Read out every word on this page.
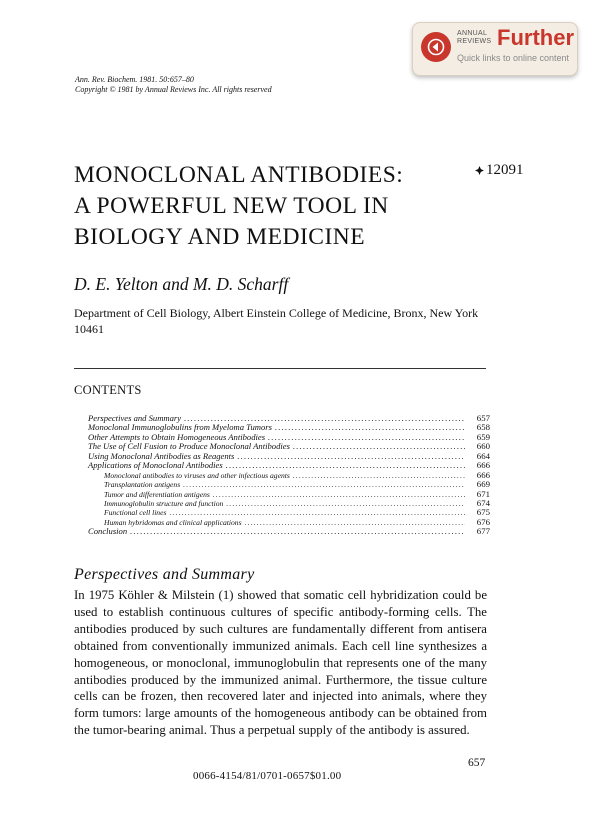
ANNUAL
REVIEWS Further
Quick links to online content
Ann. Rev. Biochem. 1981. 50:657–80
Copyright © 1981 by Annual Reviews Inc. All rights reserved
MONOCLONAL ANTIBODIES:
A POWERFUL NEW TOOL IN
BIOLOGY AND MEDICINE
12091
D. E. Yelton and M. D. Scharff
Department of Cell Biology, Albert Einstein College of Medicine, Bronx, New York 10461
CONTENTS
Perspectives and Summary .....	657
Monoclonal Immunoglobulins from Myeloma Tumors .....	658
Other Attempts to Obtain Homogeneous Antibodies .....	659
The Use of Cell Fusion to Produce Monoclonal Antibodies .....	660
Using Monoclonal Antibodies as Reagents .....	664
Applications of Monoclonal Antibodies .....	666
Monoclonal antibodies to viruses and other infectious agents .....	666
Transplantation antigens .....	669
Tumor and differentiation antigens .....	671
Immunoglobulin structure and function .....	674
Functional cell lines .....	675
Human hybridomas and clinical applications .....	676
Conclusion .....	677
Perspectives and Summary

In 1975 Köhler & Milstein (1) showed that somatic cell hybridization could be used to establish continuous cultures of specific antibody-forming cells. The antibodies produced by such cultures are fundamentally different from antisera obtained from conventionally immunized animals. Each cell line synthesizes a homogeneous, or monoclonal, immunoglobulin that represents one of the many antibodies produced by the immunized animal. Furthermore, the tissue culture cells can be frozen, then recovered later and injected into animals, where they form tumors: large amounts of the homogeneous antibody can be obtained from the tumor-bearing animal. Thus a perpetual supply of the antibody is assured.

657
0066-4154/81/0701-0657$01.00
